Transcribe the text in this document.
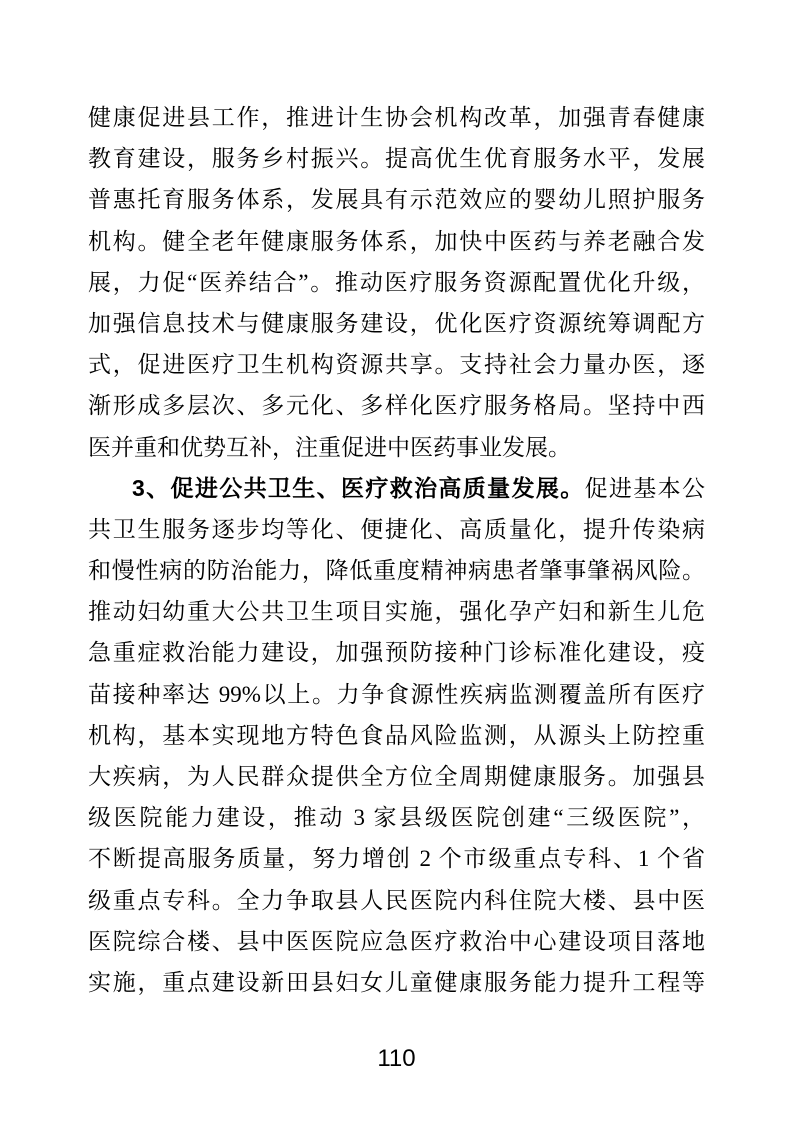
健康促进县工作，推进计生协会机构改革，加强青春健康
教育建设，服务乡村振兴。提高优生优育服务水平，发展
普惠托育服务体系，发展具有示范效应的婴幼儿照护服务
机构。健全老年健康服务体系，加快中医药与养老融合发
展，力促“医养结合”。推动医疗服务资源配置优化升级，
加强信息技术与健康服务建设，优化医疗资源统筹调配方
式，促进医疗卫生机构资源共享。支持社会力量办医，逐
渐形成多层次、多元化、多样化医疗服务格局。坚持中西
医并重和优势互补，注重促进中医药事业发展。
3、促进公共卫生、医疗救治高质量发展。促进基本公
共卫生服务逐步均等化、便捷化、高质量化，提升传染病
和慢性病的防治能力，降低重度精神病患者肇事肇祸风险。
推动妇幼重大公共卫生项目实施，强化孕产妇和新生儿危
急重症救治能力建设，加强预防接种门诊标准化建设，疫
苗接种率达 99%以上。力争食源性疾病监测覆盖所有医疗
机构，基本实现地方特色食品风险监测，从源头上防控重
大疾病，为人民群众提供全方位全周期健康服务。加强县
级医院能力建设，推动 3 家县级医院创建“三级医院”，
不断提高服务质量，努力增创 2 个市级重点专科、1 个省
级重点专科。全力争取县人民医院内科住院大楼、县中医
医院综合楼、县中医医院应急医疗救治中心建设项目落地
实施，重点建设新田县妇女儿童健康服务能力提升工程等
110
